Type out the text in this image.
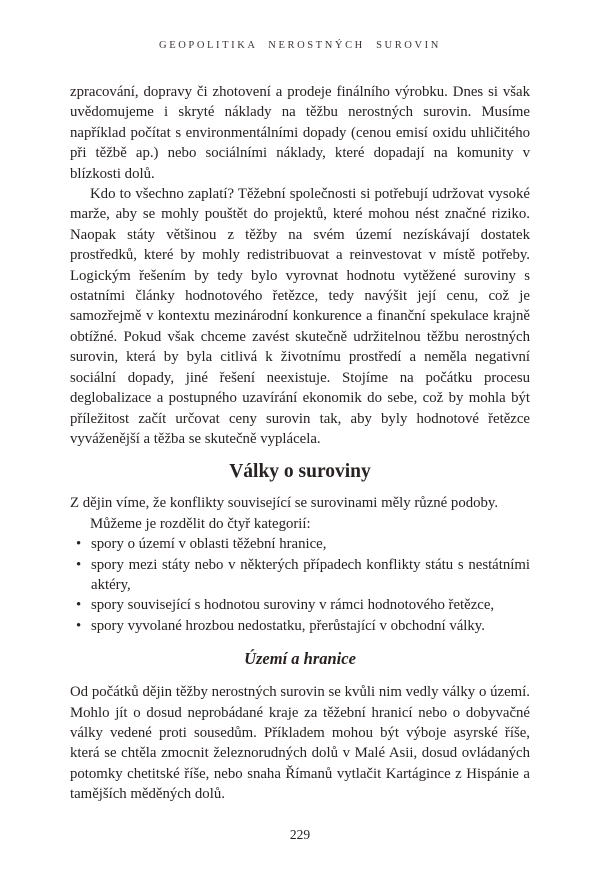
GEOPOLITIKA NEROSTNÝCH SUROVIN

zpracování, dopravy či zhotovení a prodeje finálního výrobku. Dnes si však uvědomujeme i skryté náklady na těžbu nerostných surovin. Musíme například počítat s environmentálními dopady (cenou emisí oxidu uhličitého při těžbě ap.) nebo sociálními náklady, které dopadají na komunity v blízkosti dolů.

Kdo to všechno zaplatí? Těžební společnosti si potřebují udržovat vysoké marže, aby se mohly pouštět do projektů, které mohou nést značné riziko. Naopak státy většinou z těžby na svém území nezískávají dostatek prostředků, které by mohly redistribuovat a reinvestovat v místě potřeby. Logickým řešením by tedy bylo vyrovnat hodnotu vytěžené suroviny s ostatními články hodnotového řetězce, tedy navýšit její cenu, což je samozřejmě v kontextu mezinárodní konkurence a finanční spekulace krajně obtížné. Pokud však chceme zavést skutečně udržitelnou těžbu nerostných surovin, která by byla citlivá k životnímu prostředí a neměla negativní sociální dopady, jiné řešení neexistuje. Stojíme na počátku procesu deglobalizace a postupného uzavírání ekonomik do sebe, což by mohla být příležitost začít určovat ceny surovin tak, aby byly hodnotové řetězce vyváženější a těžba se skutečně vyplácela.

Války o suroviny

Z dějin víme, že konflikty související se surovinami měly různé podoby.

Můžeme je rozdělit do čtyř kategorií:

• spory o území v oblasti těžební hranice,
• spory mezi státy nebo v některých případech konflikty státu s nestátními aktéry,
• spory související s hodnotou suroviny v rámci hodnotového řetězce,
• spory vyvolané hrozbou nedostatku, přerůstající v obchodní války.
Území a hranice

Od počátků dějin těžby nerostných surovin se kvůli nim vedly války o území. Mohlo jít o dosud neprobádané kraje za těžební hranicí nebo o dobyvačné války vedené proti sousedům. Příkladem mohou být výboje asyrské říše, která se chtěla zmocnit železnorudných dolů v Malé Asii, dosud ovládaných potomky chetitské říše, nebo snaha Římanů vytlačit Kartágince z Hispánie a tamějších měděných dolů.

229
